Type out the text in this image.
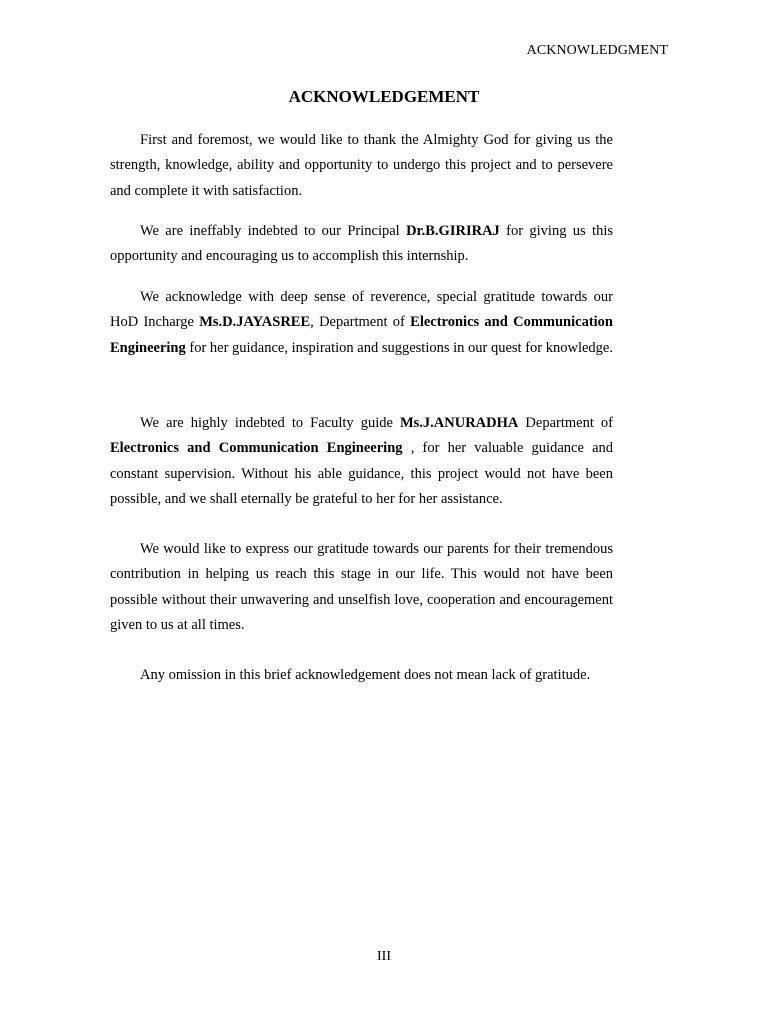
ACKNOWLEDGMENT
ACKNOWLEDGEMENT

First and foremost, we would like to thank the Almighty God for giving us the strength, knowledge, ability and opportunity to undergo this project and to persevere and complete it with satisfaction.

We are ineffably indebted to our Principal Dr.B.GIRIRAJ for giving us this opportunity and encouraging us to accomplish this internship.

We acknowledge with deep sense of reverence, special gratitude towards our HoD Incharge Ms.D.JAYASREE, Department of Electronics and Communication Engineering for her guidance, inspiration and suggestions in our quest for knowledge.

We are highly indebted to Faculty guide Ms.J.ANURADHA Department of Electronics and Communication Engineering , for her valuable guidance and constant supervision. Without his able guidance, this project would not have been possible, and we shall eternally be grateful to her for her assistance.

We would like to express our gratitude towards our parents for their tremendous contribution in helping us reach this stage in our life. This would not have been possible without their unwavering and unselfish love, cooperation and encouragement given to us at all times.

Any omission in this brief acknowledgement does not mean lack of gratitude.

III
